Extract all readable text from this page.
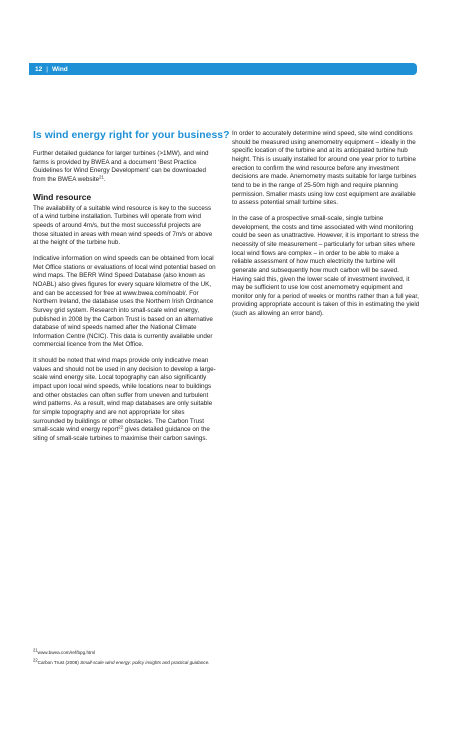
12 | Wind
Is wind energy right for your business?

Further detailed guidance for larger turbines (>1MW), and wind farms is provided by BWEA and a document ‘Best Practice Guidelines for Wind Energy Development’ can be downloaded from the BWEA website$^{21}$.

Wind resource

The availability of a suitable wind resource is key to the success of a wind turbine installation. Turbines will operate from wind speeds of around 4m/s, but the most successful projects are those situated in areas with mean wind speeds of 7m/s or above at the height of the turbine hub.

Indicative information on wind speeds can be obtained from local Met Office stations or evaluations of local wind potential based on wind maps. The BERR Wind Speed Database (also known as NOABL) also gives figures for every square kilometre of the UK, and can be accessed for free at www.bwea.com/noabl/. For Northern Ireland, the database uses the Northern Irish Ordnance Survey grid system. Research into small-scale wind energy, published in 2008 by the Carbon Trust is based on an alternative database of wind speeds named after the National Climate Information Centre (NCIC). This data is currently available under commercial licence from the Met Office.

It should be noted that wind maps provide only indicative mean values and should not be used in any decision to develop a large-scale wind energy site. Local topography can also significantly impact upon local wind speeds, while locations near to buildings and other obstacles can often suffer from uneven and turbulent wind patterns. As a result, wind map databases are only suitable for simple topography and are not appropriate for sites surrounded by buildings or other obstacles. The Carbon Trust small-scale wind energy report$^{22}$ gives detailed guidance on the siting of small-scale turbines to maximise their carbon savings.

In order to accurately determine wind speed, site wind conditions should be measured using anemometry equipment – ideally in the specific location of the turbine and at its anticipated turbine hub height. This is usually installed for around one year prior to turbine erection to confirm the wind resource before any investment decisions are made. Anemometry masts suitable for large turbines tend to be in the range of 25-50m high and require planning permission. Smaller masts using low cost equipment are available to assess potential small turbine sites.

In the case of a prospective small-scale, single turbine development, the costs and time associated with wind monitoring could be seen as unattractive. However, it is important to stress the necessity of site measurement – particularly for urban sites where local wind flows are complex – in order to be able to make a reliable assessment of how much electricity the turbine will generate and subsequently how much carbon will be saved. Having said this, given the lower scale of investment involved, it may be sufficient to use low cost anemometry equipment and monitor only for a period of weeks or months rather than a full year, providing appropriate account is taken of this in estimating the yield (such as allowing an error band).

$^{21}$www.bwea.com/ref/bpg.html
$^{22}$Carbon Trust (2008) Small-scale wind energy: policy insights and practical guidance.
